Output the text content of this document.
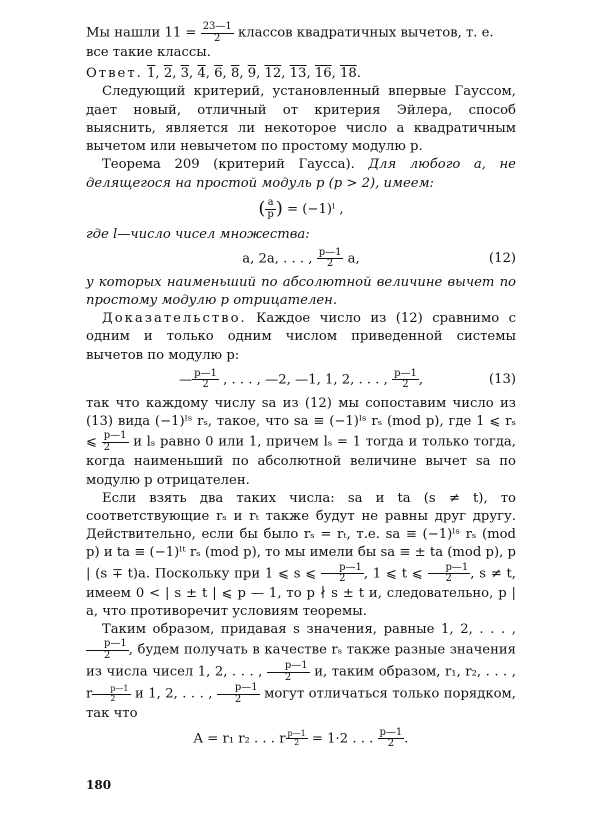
Мы нашли $11 = \frac{23—1}{2}$ классов квадратичных вычетов, т. е.

все такие классы.

Ответ. 1, 2, 3, 4, 6, 8, 9, 12, 13, 16, 18.

Следующий критерий, установленный впервые Гауссом, дает новый, отличный от критерия Эйлера, способ выяснить, является ли некоторое число a квадратичным вычетом или невычетом по простому модулю p.

Теорема 209 (критерий Гаусса). Для любого a, не делящегося на простой модуль p (p > 2), имеем:

( $\frac{a}{p}$ ) = (−1)ˡ ,

где l—число чисел множества:

a, 2a, . . . , $\frac{p—1}{2} a$,	(12)

у которых наименьший по абсолютной величине вычет по простому модулю p отрицателен.

Доказательство. Каждое число из (12) сравнимо с одним и только одним числом приведенной системы вычетов по модулю p:

— $\frac{p—1}{2}$ , . . . , —2, —1, 1, 2, . . . , $\frac{p—1}{2}$ ,	(13)

так что каждому числу sa из (12) мы сопоставим число из (13) вида (−1)ˡˢ rₛ, такое, что sa ≡ (−1)ˡˢ rₛ (mod p), где 1 ⩽ rₛ ⩽ $\frac{p—1}{2}$ и lₛ равно 0 или 1, причем lₛ = 1 тогда и только тогда, когда наименьший по абсолютной величине вычет sa по модулю p отрицателен.

Если взять два таких числа: sa и ta (s ≠ t), то соответствующие rₛ и rₜ также будут не равны друг другу. Действительно, если бы было rₛ = rₜ, т.е. sa ≡ (−1)ˡˢ rₛ (mod p) и ta ≡ (−1)ˡᵗ rₛ (mod p), то мы имели бы sa ≡ ± ta (mod p), p | (s ∓ t)a. Поскольку при 1 ⩽ s ⩽ $\frac{p—1}{2}$ , 1 ⩽ t ⩽ $\frac{p—1}{2}$ , s ≠ t, имеем 0 < | s ± t | ⩽ p — 1, то p ∤ s ± t и, следовательно, p | a, что противоречит условиям теоремы.

Таким образом, придавая s значения, равные 1, 2, . . . ,
$\frac{p—1}{2}$ , будем получать в качестве rₛ также разные значения из числа чисел 1, 2, . . . , $\frac{p—1}{2} и$, таким образом, r₁, r₂, . . . , r $\frac{p—1}{2}$ и 1, 2, . . . , $\frac{p—1}{2}$ могут отличаться только порядком, так что

A = r₁ r₂ . . . r $\frac{p—1}{2} = 1\cdot 2$ . . . $\frac{p—1}{2}$ .
180
